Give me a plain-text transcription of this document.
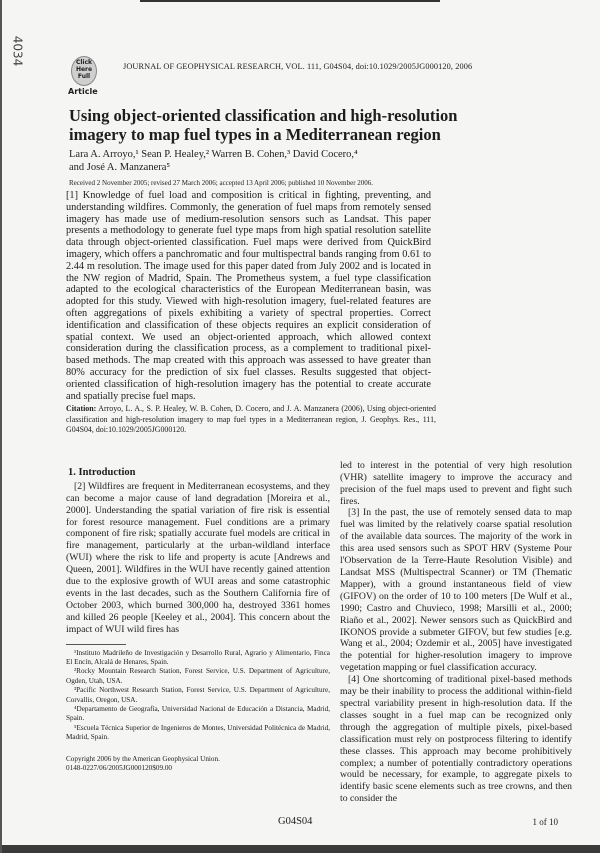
4034	Click
Here
Full
Article
JOURNAL OF GEOPHYSICAL RESEARCH, VOL. 111, G04S04, doi:10.1029/2005JG000120, 2006
Using object-oriented classification and high-resolution imagery to map fuel types in a Mediterranean region
Lara A. Arroyo,¹ Sean P. Healey,² Warren B. Cohen,³ David Cocero,⁴
and José A. Manzanera⁵
Received 2 November 2005; revised 27 March 2006; accepted 13 April 2006; published 10 November 2006.
[1] Knowledge of fuel load and composition is critical in fighting, preventing, and understanding wildfires. Commonly, the generation of fuel maps from remotely sensed imagery has made use of medium-resolution sensors such as Landsat. This paper presents a methodology to generate fuel type maps from high spatial resolution satellite data through object-oriented classification. Fuel maps were derived from QuickBird imagery, which offers a panchromatic and four multispectral bands ranging from 0.61 to 2.44 m resolution. The image used for this paper dated from July 2002 and is located in the NW region of Madrid, Spain. The Prometheus system, a fuel type classification adapted to the ecological characteristics of the European Mediterranean basin, was adopted for this study. Viewed with high-resolution imagery, fuel-related features are often aggregations of pixels exhibiting a variety of spectral properties. Correct identification and classification of these objects requires an explicit consideration of spatial context. We used an object-oriented approach, which allowed context consideration during the classification process, as a complement to traditional pixel-based methods. The map created with this approach was assessed to have greater than 80% accuracy for the prediction of six fuel classes. Results suggested that object-oriented classification of high-resolution imagery has the potential to create accurate and spatially precise fuel maps.
Citation: Arroyo, L. A., S. P. Healey, W. B. Cohen, D. Cocero, and J. A. Manzanera (2006), Using object-oriented classification and high-resolution imagery to map fuel types in a Mediterranean region, J. Geophys. Res., 111, G04S04, doi:10.1029/2005JG000120.
1. Introduction

[2] Wildfires are frequent in Mediterranean ecosystems, and they can become a major cause of land degradation [Moreira et al., 2000]. Understanding the spatial variation of fire risk is essential for forest resource management. Fuel conditions are a primary component of fire risk; spatially accurate fuel models are critical in fire management, particularly at the urban-wildland interface (WUI) where the risk to life and property is acute [Andrews and Queen, 2001]. Wildfires in the WUI have recently gained attention due to the explosive growth of WUI areas and some catastrophic events in the last decades, such as the Southern California fire of October 2003, which burned 300,000 ha, destroyed 3361 homes and killed 26 people [Keeley et al., 2004]. This concern about the impact of WUI wild fires has

¹Instituto Madrileño de Investigación y Desarrollo Rural, Agrario y Alimentario, Finca El Encín, Alcalá de Henares, Spain.

²Rocky Mountain Research Station, Forest Service, U.S. Department of Agriculture, Ogden, Utah, USA.

³Pacific Northwest Research Station, Forest Service, U.S. Department of Agriculture, Corvallis, Oregon, USA.

⁴Departamento de Geografía, Universidad Nacional de Educación a Distancia, Madrid, Spain.

⁵Escuela Técnica Superior de Ingenieros de Montes, Universidad Politécnica de Madrid, Madrid, Spain.

Copyright 2006 by the American Geophysical Union.
0148-0227/06/2005JG000120$09.00

led to interest in the potential of very high resolution (VHR) satellite imagery to improve the accuracy and precision of the fuel maps used to prevent and fight such fires.

[3] In the past, the use of remotely sensed data to map fuel was limited by the relatively coarse spatial resolution of the available data sources. The majority of the work in this area used sensors such as SPOT HRV (Systeme Pour l'Observation de la Terre-Haute Resolution Visible) and Landsat MSS (Multispectral Scanner) or TM (Thematic Mapper), with a ground instantaneous field of view (GIFOV) on the order of 10 to 100 meters [De Wulf et al., 1990; Castro and Chuvieco, 1998; Marsilli et al., 2000; Riaño et al., 2002]. Newer sensors such as QuickBird and IKONOS provide a submeter GIFOV, but few studies [e.g. Wang et al., 2004; Ozdemir et al., 2005] have investigated the potential for higher-resolution imagery to improve vegetation mapping or fuel classification accuracy.

[4] One shortcoming of traditional pixel-based methods may be their inability to process the additional within-field spectral variability present in high-resolution data. If the classes sought in a fuel map can be recognized only through the aggregation of multiple pixels, pixel-based classification must rely on postprocess filtering to identify these classes. This approach may become prohibitively complex; a number of potentially contradictory operations would be necessary, for example, to aggregate pixels to identify basic scene elements such as tree crowns, and then to consider the

G04S04	1 of 10
